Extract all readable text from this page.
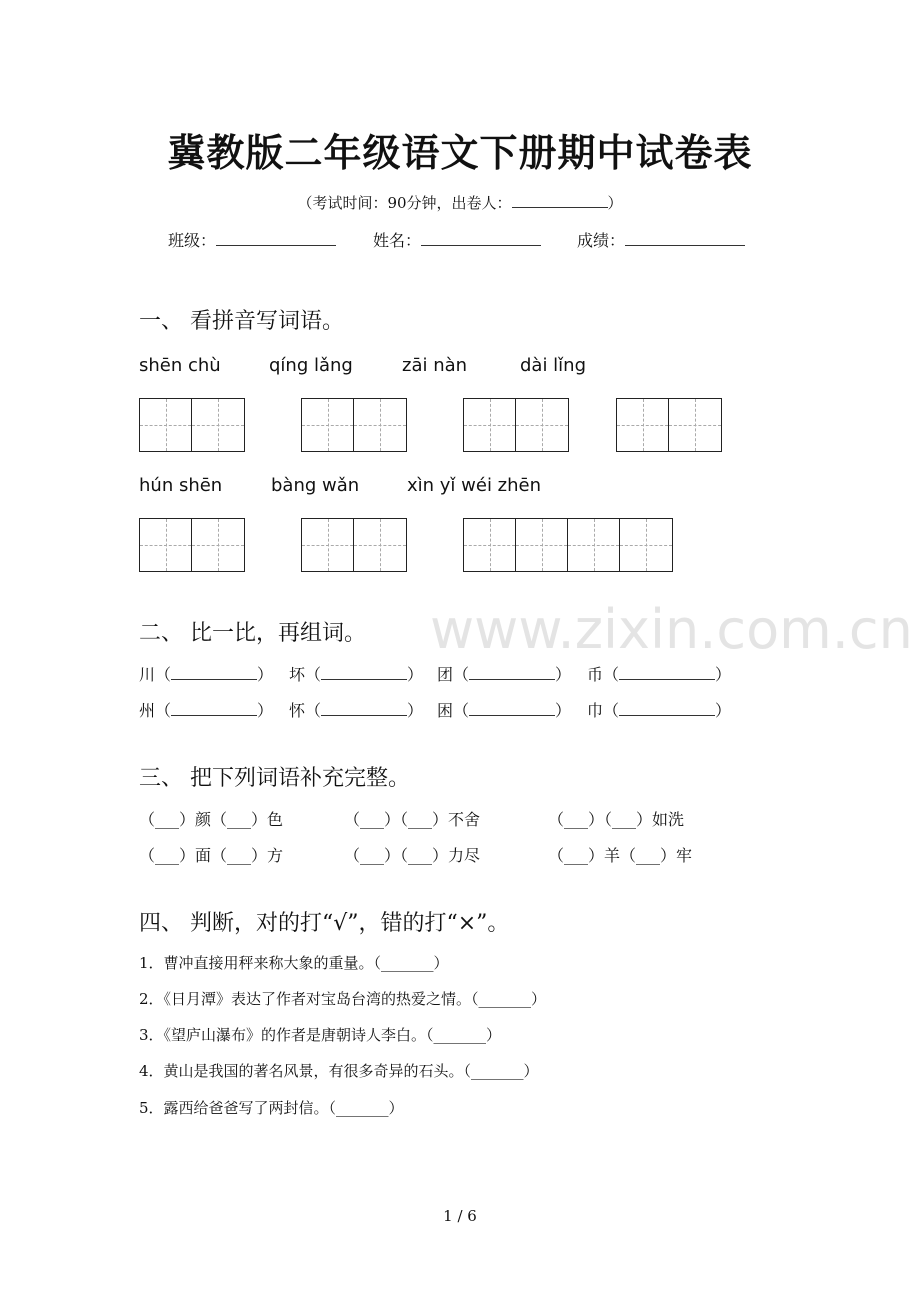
www.zixin.com.cn
冀教版二年级语文下册期中试卷表
（考试时间：90分钟，出卷人：	）
班级：	姓名：	成绩：
一、 看拼音写词语。
shēn chù	qíng lǎng	zāi nàn	dài lǐng
hún shēn	bàng wǎn	xìn yǐ wéi zhēn
二、 比一比，再组词。
川（	） 坏（	） 团（	） 币（	）
州（	） 怀（	） 困（	） 巾（	）
三、 把下列词语补充完整。
（___）颜（___）色	（___）（___）不舍	（___）（___）如洗
（___）面（___）方	（___）（___）力尽	（___）羊（___）牢
四、 判断，对的打“√”，错的打“×”。
1．曹冲直接用秤来称大象的重量。（_______）
2．《日月潭》表达了作者对宝岛台湾的热爱之情。（_______）
3．《望庐山瀑布》的作者是唐朝诗人李白。（_______）
4．黄山是我国的著名风景，有很多奇异的石头。（_______）
5．露西给爸爸写了两封信。（_______）
1 / 6
